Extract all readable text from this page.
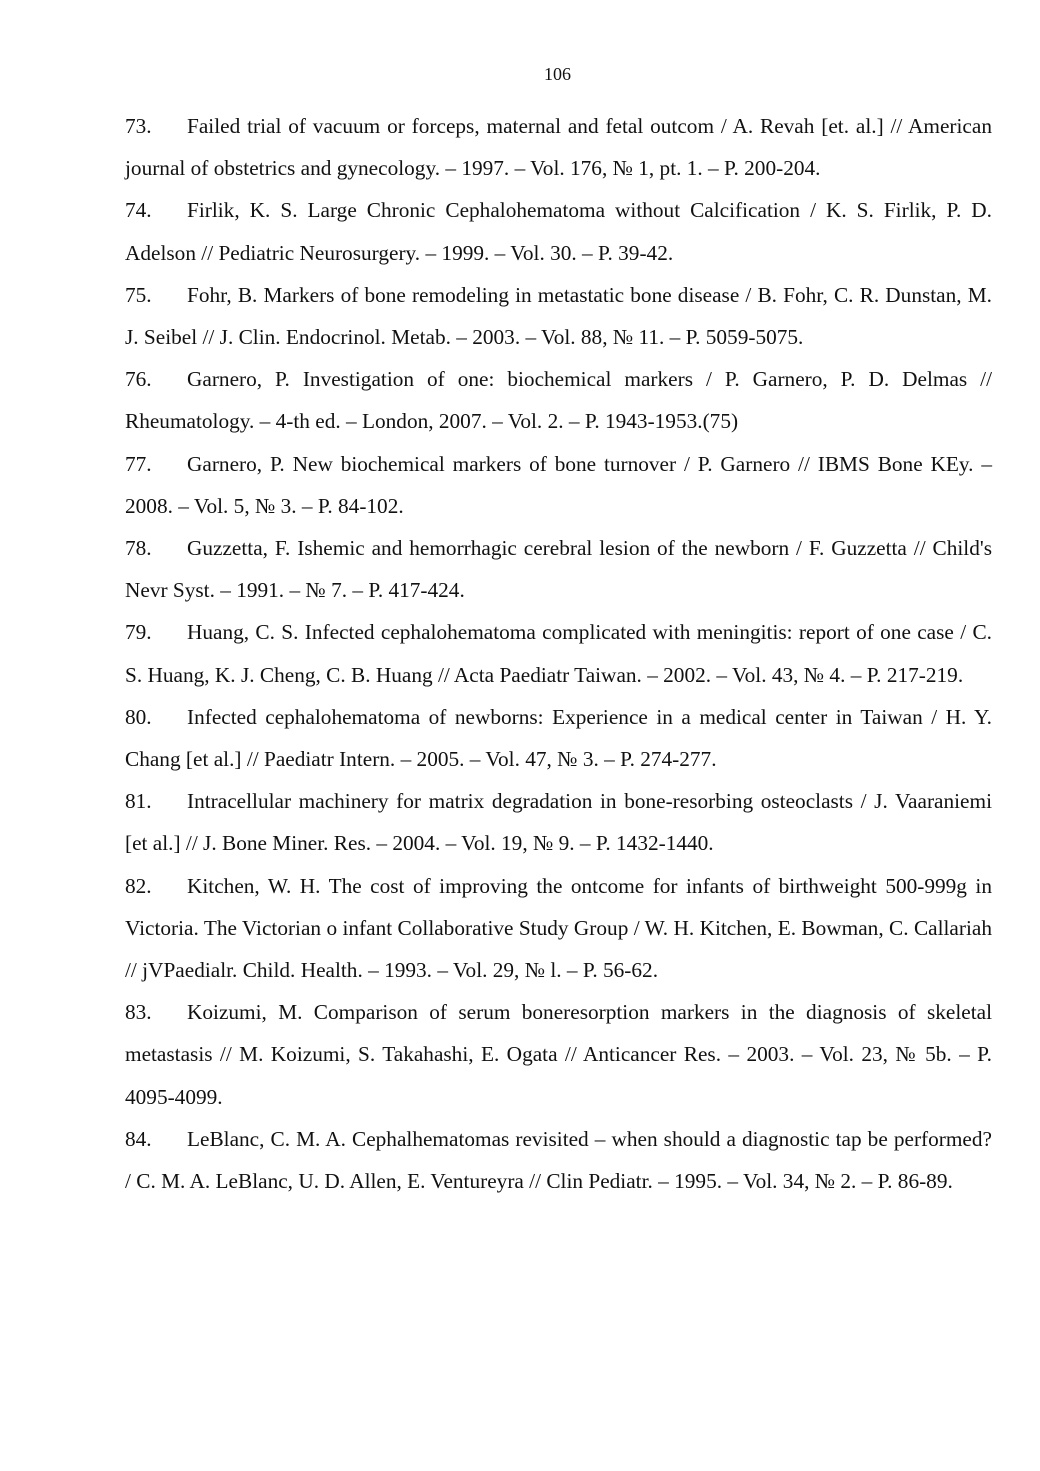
106

73. Failed trial of vacuum or forceps, maternal and fetal outcom / A. Revah [et. al.] // American journal of obstetrics and gynecology. – 1997. – Vol. 176, № 1, pt. 1. – P. 200-204.

74. Firlik, K. S. Large Chronic Cephalohematoma without Calcification / K. S. Firlik, P. D. Adelson // Pediatric Neurosurgery. – 1999. – Vol. 30. – P. 39-42.

75. Fohr, B. Markers of bone remodeling in metastatic bone disease / B. Fohr, C. R. Dunstan, M. J. Seibel // J. Clin. Endocrinol. Metab. – 2003. – Vol. 88, № 11. – P. 5059-5075.

76. Garnero, P. Investigation of one: biochemical markers / P. Garnero, P. D. Delmas // Rheumatology. – 4-th ed. – London, 2007. – Vol. 2. – P. 1943-1953.(75)

77. Garnero, P. New biochemical markers of bone turnover / P. Garnero // IBMS Bone KEy. – 2008. – Vol. 5, № 3. – P. 84-102.

78. Guzzetta, F. Ishemic and hemorrhagic cerebral lesion of the newborn / F. Guzzetta // Child's Nevr Syst. – 1991. – № 7. – P. 417-424.

79. Huang, C. S. Infected cephalohematoma complicated with meningitis: report of one case / C. S. Huang, K. J. Cheng, C. B. Huang // Acta Paediatr Taiwan. – 2002. – Vol. 43, № 4. – P. 217-219.

80. Infected cephalohematoma of newborns: Experience in a medical center in Taiwan / H. Y. Chang [et al.] // Paediatr Intern. – 2005. – Vol. 47, № 3. – P. 274-277.

81. Intracellular machinery for matrix degradation in bone-resorbing osteoclasts / J. Vaaraniemi [et al.] // J. Bone Miner. Res. – 2004. – Vol. 19, № 9. – P. 1432-1440.

82. Kitchen, W. H. The cost of improving the ontcome for infants of birthweight 500-999g in Victoria. The Victorian o infant Collaborative Study Group / W. H. Kitchen, E. Bowman, C. Callariah // jVPaedialr. Child. Health. – 1993. – Vol. 29, № l. – P. 56-62.

83. Koizumi, M. Comparison of serum boneresorption markers in the diagnosis of skeletal metastasis // M. Koizumi, S. Takahashi, E. Ogata // Anticancer Res. – 2003. – Vol. 23, № 5b. – P. 4095-4099.

84. LeBlanc, C. M. A. Cephalhematomas revisited – when should a diagnostic tap be performed? / C. M. A. LeBlanc, U. D. Allen, E. Ventureyra // Clin Pediatr. – 1995. – Vol. 34, № 2. – P. 86-89.
